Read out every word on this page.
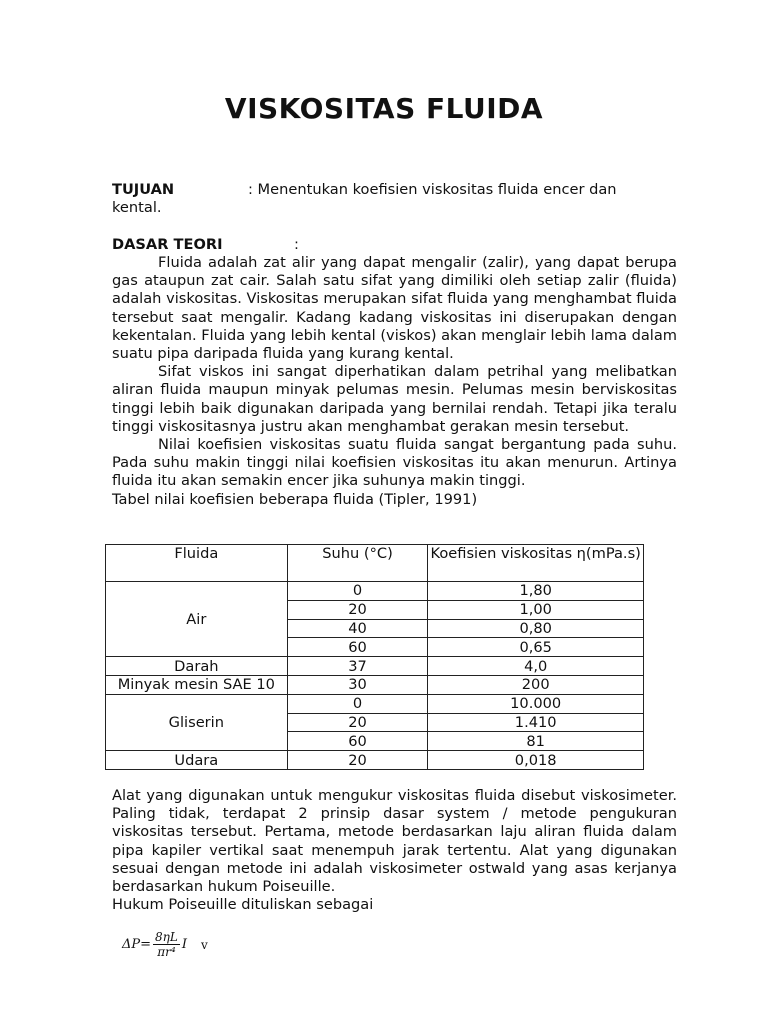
VISKOSITAS FLUIDA
TUJUAN	: Menentukan koefisien viskositas fluida encer dan
kental.
DASAR TEORI	:

Fluida adalah zat alir yang dapat mengalir (zalir), yang dapat berupa gas ataupun zat cair. Salah satu sifat yang dimiliki oleh setiap zalir (fluida) adalah viskositas. Viskositas merupakan sifat fluida yang menghambat fluida tersebut saat mengalir. Kadang kadang viskositas ini diserupakan dengan kekentalan. Fluida yang lebih kental (viskos) akan menglair lebih lama dalam suatu pipa daripada fluida yang kurang kental.

Sifat viskos ini sangat diperhatikan dalam petrihal yang melibatkan aliran fluida maupun minyak pelumas mesin. Pelumas mesin berviskositas tinggi lebih baik digunakan daripada yang bernilai rendah. Tetapi jika teralu tinggi viskositasnya justru akan menghambat gerakan mesin tersebut.

Nilai koefisien viskositas suatu fluida sangat bergantung pada suhu. Pada suhu makin tinggi nilai koefisien viskositas itu akan menurun. Artinya fluida itu akan semakin encer jika suhunya makin tinggi.

Tabel nilai koefisien beberapa fluida (Tipler, 1991)

Fluida	Suhu (°C)	Koefisien viskositas η(mPa.s)
Air	0	1,80
	20	1,00
	40	0,80
	60	0,65
Darah	37	4,0
Minyak mesin SAE 10	30	200
Gliserin	0	10.000
	20	1.410
	60	81
Udara	20	0,018

Alat yang digunakan untuk mengukur viskositas fluida disebut viskosimeter. Paling tidak, terdapat 2 prinsip dasar system / metode pengukuran viskositas tersebut. Pertama, metode berdasarkan laju aliran fluida dalam pipa kapiler vertikal saat menempuh jarak tertentu. Alat yang digunakan sesuai dengan metode ini adalah viskosimeter ostwald yang asas kerjanya berdasarkan hukum Poiseuille.

Hukum Poiseuille dituliskan sebagai

$\Delta P= \frac{8\eta L}{\text{πr⁴}}$ I v
